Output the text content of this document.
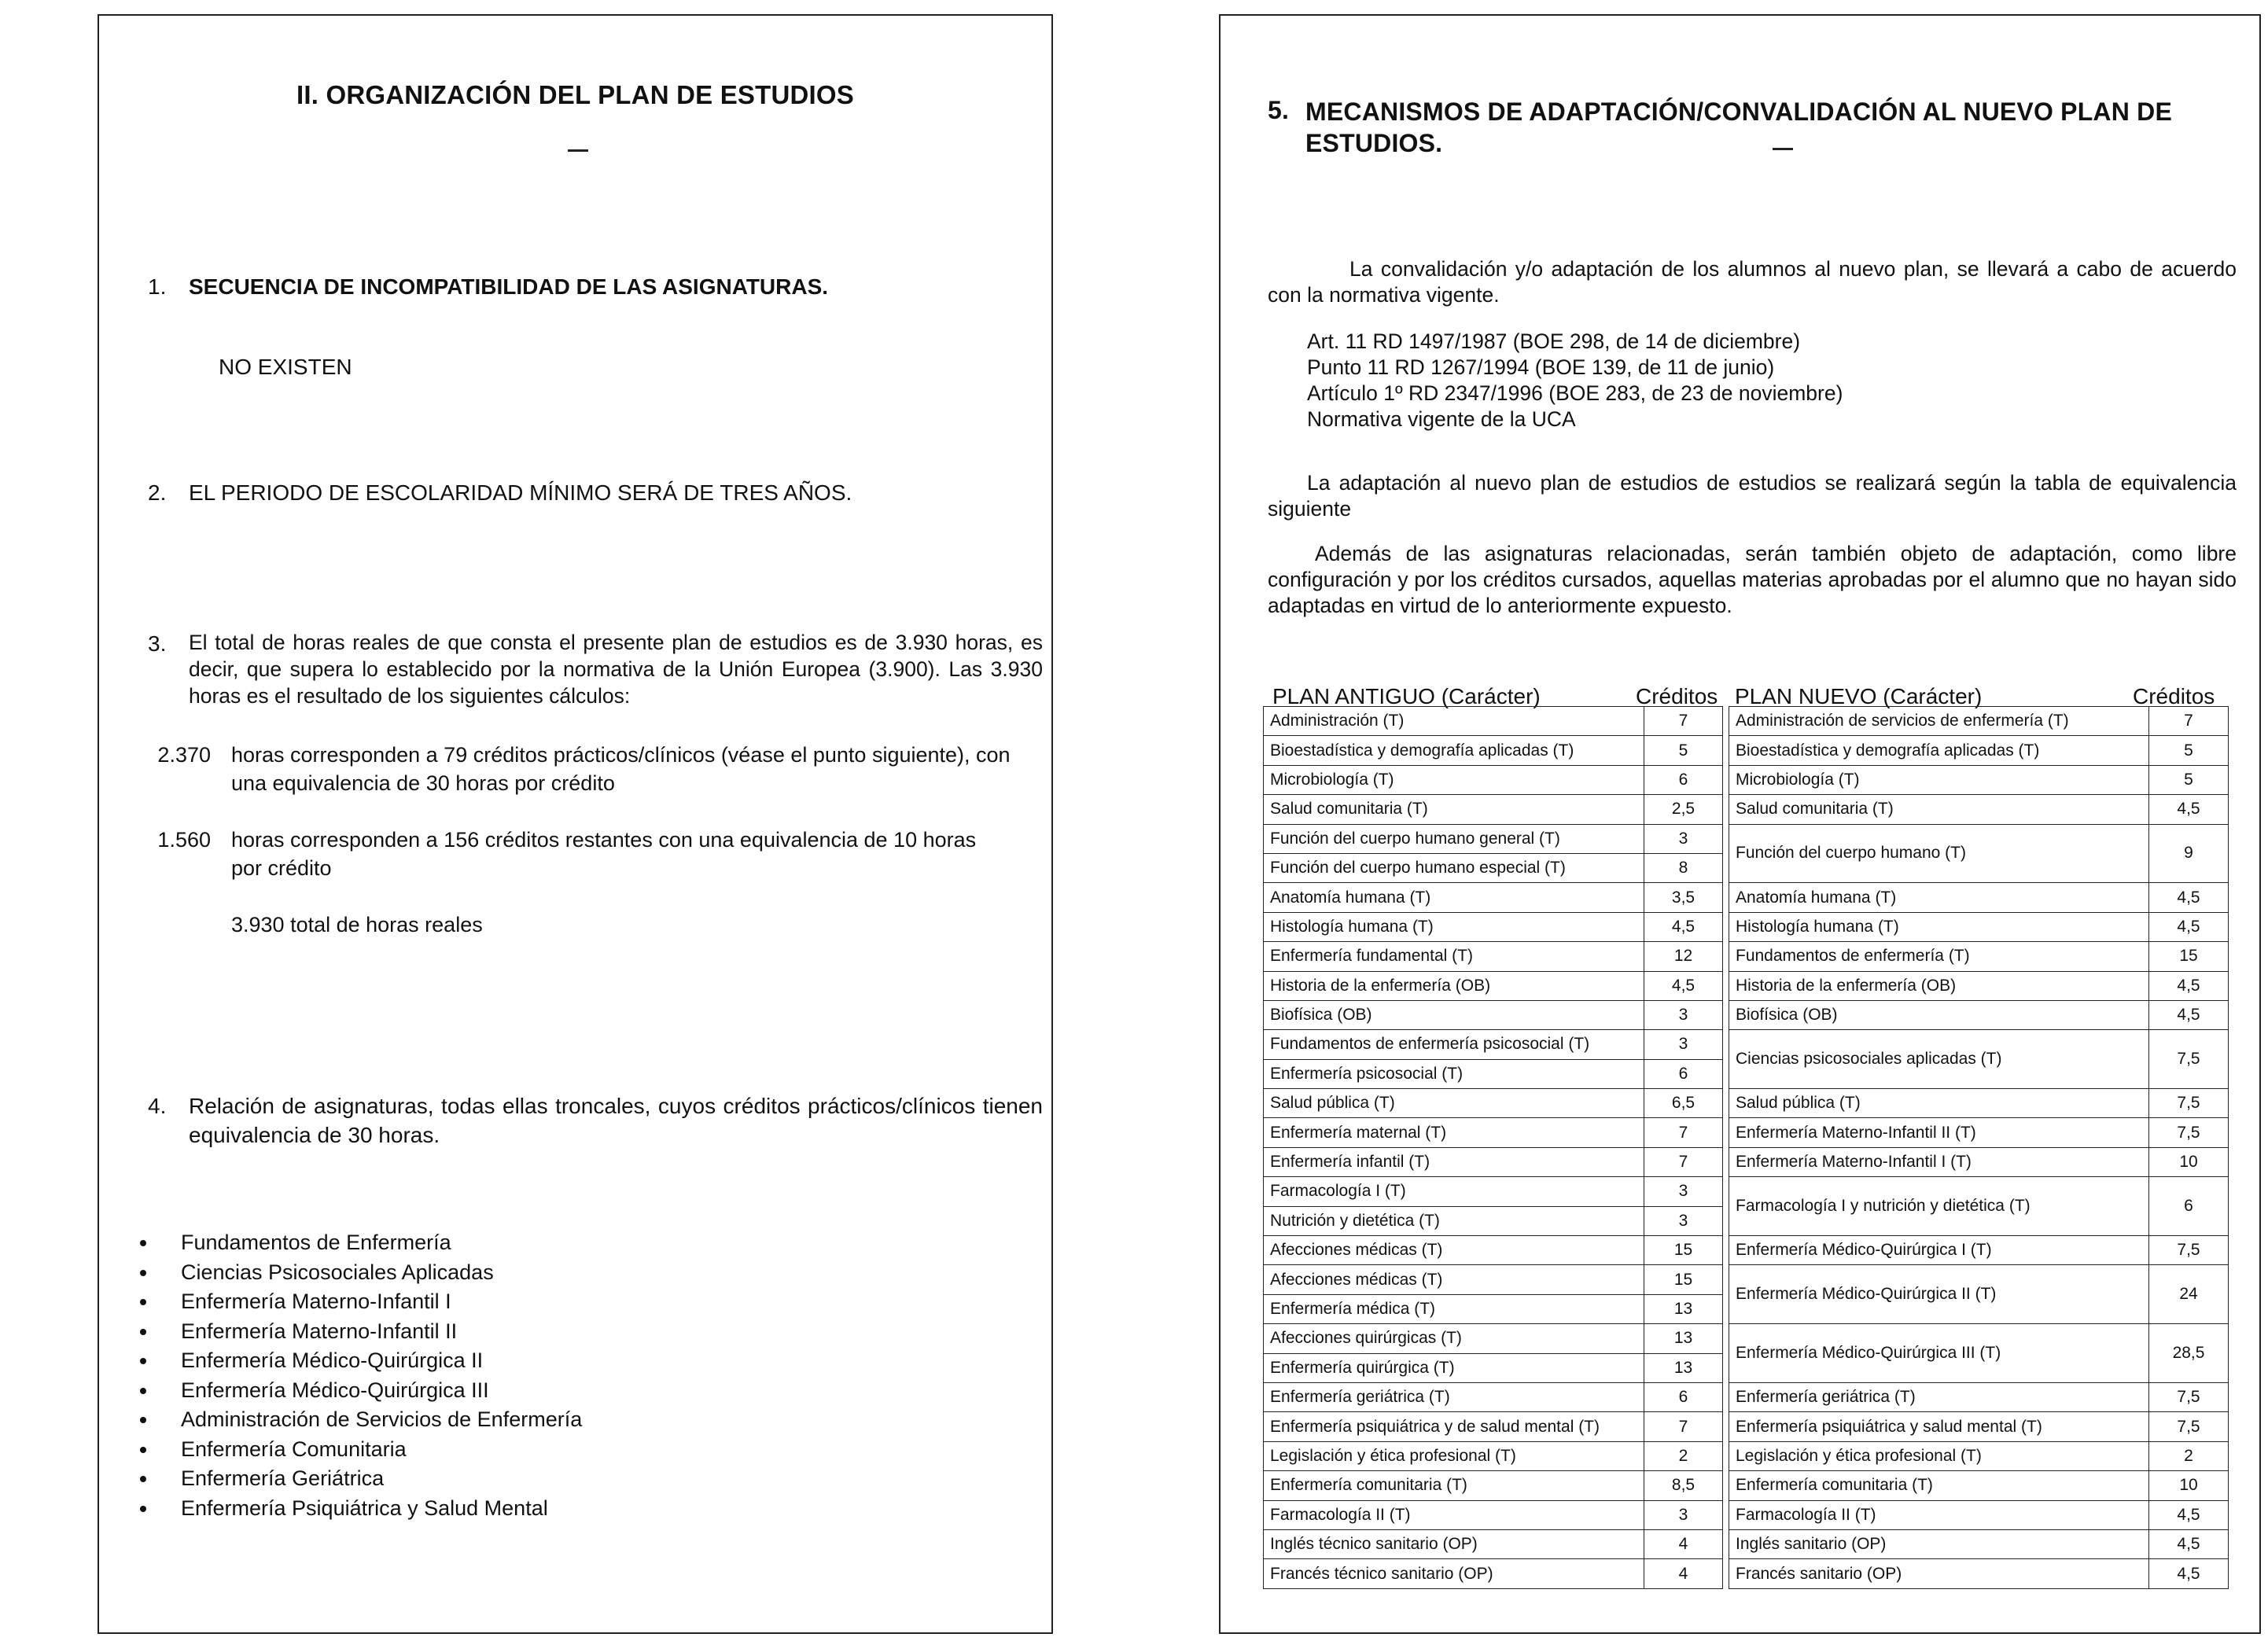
II. ORGANIZACIÓN DEL PLAN DE ESTUDIOS
1. SECUENCIA DE INCOMPATIBILIDAD DE LAS ASIGNATURAS.
NO EXISTEN
2. EL PERIODO DE ESCOLARIDAD MÍNIMO SERÁ DE TRES AÑOS.
3. El total de horas reales de que consta el presente plan de estudios es de 3.930 horas, es decir, que supera lo establecido por la normativa de la Unión Europea (3.900). Las 3.930 horas es el resultado de los siguientes cálculos:
2.370 horas corresponden a 79 créditos prácticos/clínicos (véase el punto siguiente), con una equivalencia de 30 horas por crédito
1.560 horas corresponden a 156 créditos restantes con una equivalencia de 10 horas por crédito
3.930 total de horas reales
4. Relación de asignaturas, todas ellas troncales, cuyos créditos prácticos/clínicos tienen equivalencia de 30 horas.
Fundamentos de Enfermería
Ciencias Psicosociales Aplicadas
Enfermería Materno-Infantil I
Enfermería Materno-Infantil II
Enfermería Médico-Quirúrgica II
Enfermería Médico-Quirúrgica III
Administración de Servicios de Enfermería
Enfermería Comunitaria
Enfermería Geriátrica
Enfermería Psiquiátrica y Salud Mental
5. MECANISMOS DE ADAPTACIÓN/CONVALIDACIÓN AL NUEVO PLAN DE
ESTUDIOS.
La convalidación y/o adaptación de los alumnos al nuevo plan, se llevará a cabo de acuerdo con la normativa vigente.
Art. 11 RD 1497/1987 (BOE 298, de 14 de diciembre)
Punto 11 RD 1267/1994 (BOE 139, de 11 de junio)
Artículo 1º RD 2347/1996 (BOE 283, de 23 de noviembre)
Normativa vigente de la UCA
La adaptación al nuevo plan de estudios de estudios se realizará según la tabla de equivalencia siguiente
Además de las asignaturas relacionadas, serán también objeto de adaptación, como libre configuración y por los créditos cursados, aquellas materias aprobadas por el alumno que no hayan sido adaptadas en virtud de lo anteriormente expuesto.
PLAN ANTIGUO (Carácter)	Créditos PLAN NUEVO (Carácter)	Créditos
Administración (T)	7		Administración de servicios de enfermería (T)	7
Bioestadística y demografía aplicadas (T)	5		Bioestadística y demografía aplicadas (T)	5
Microbiología (T)	6		Microbiología (T)	5
Salud comunitaria (T)	2,5		Salud comunitaria (T)	4,5
Función del cuerpo humano general (T)	3		Función del cuerpo humano (T)	9
Función del cuerpo humano especial (T)	8			
Anatomía humana (T)	3,5		Anatomía humana (T)	4,5
Histología humana (T)	4,5		Histología humana (T)	4,5
Enfermería fundamental (T)	12		Fundamentos de enfermería (T)	15
Historia de la enfermería (OB)	4,5		Historia de la enfermería (OB)	4,5
Biofísica (OB)	3		Biofísica (OB)	4,5
Fundamentos de enfermería psicosocial (T)	3		Ciencias psicosociales aplicadas (T)	7,5
Enfermería psicosocial (T)	6			
Salud pública (T)	6,5		Salud pública (T)	7,5
Enfermería maternal (T)	7		Enfermería Materno-Infantil II (T)	7,5
Enfermería infantil (T)	7		Enfermería Materno-Infantil I (T)	10
Farmacología I (T)	3		Farmacología I y nutrición y dietética (T)	6
Nutrición y dietética (T)	3			
Afecciones médicas (T)	15		Enfermería Médico-Quirúrgica I (T)	7,5
Afecciones médicas (T)	15		Enfermería Médico-Quirúrgica II (T)	24
Enfermería médica (T)	13			
Afecciones quirúrgicas (T)	13		Enfermería Médico-Quirúrgica III (T)	28,5
Enfermería quirúrgica (T)	13			
Enfermería geriátrica (T)	6		Enfermería geriátrica (T)	7,5
Enfermería psiquiátrica y de salud mental (T)	7		Enfermería psiquiátrica y salud mental (T)	7,5
Legislación y ética profesional (T)	2		Legislación y ética profesional (T)	2
Enfermería comunitaria (T)	8,5		Enfermería comunitaria (T)	10
Farmacología II (T)	3		Farmacología II (T)	4,5
Inglés técnico sanitario (OP)	4		Inglés sanitario (OP)	4,5
Francés técnico sanitario (OP)	4		Francés sanitario (OP)	4,5
